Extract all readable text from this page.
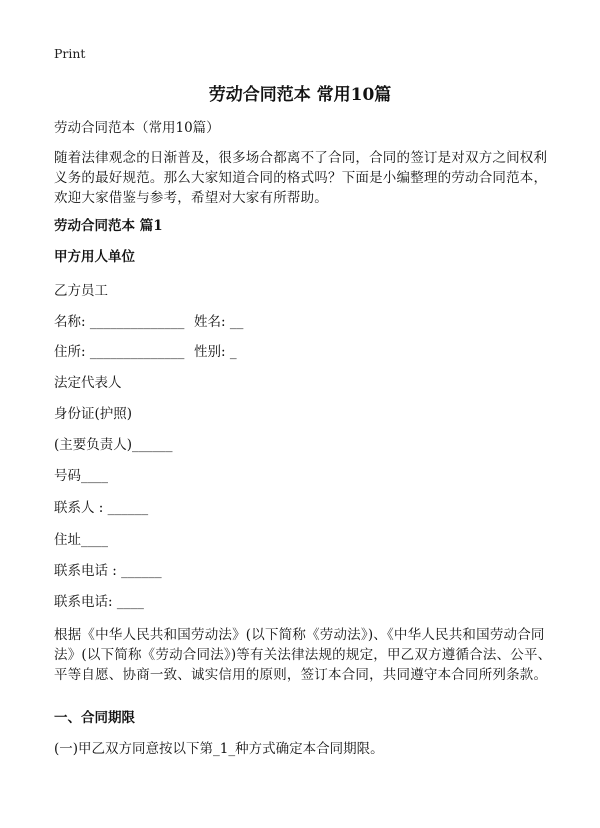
Print
劳动合同范本 常用10篇
劳动合同范本（常用10篇）
随着法律观念的日渐普及，很多场合都离不了合同，合同的签订是对双方之间权利义务的最好规范。那么大家知道合同的格式吗？下面是小编整理的劳动合同范本，欢迎大家借鉴与参考，希望对大家有所帮助。
劳动合同范本 篇1
甲方用人单位
乙方员工
名称: ______________ 姓名: __
住所: ______________ 性别: _
法定代表人
身份证(护照)
(主要负责人)______
号码____
联系人 : ______
住址____
联系电话 : ______
联系电话: ____
根据《中华人民共和国劳动法》(以下简称《劳动法》)、《中华人民共和国劳动合同法》(以下简称《劳动合同法》)等有关法律法规的规定，甲乙双方遵循合法、公平、平等自愿、协商一致、诚实信用的原则，签订本合同，共同遵守本合同所列条款。
一、合同期限
(一)甲乙双方同意按以下第_1_种方式确定本合同期限。
